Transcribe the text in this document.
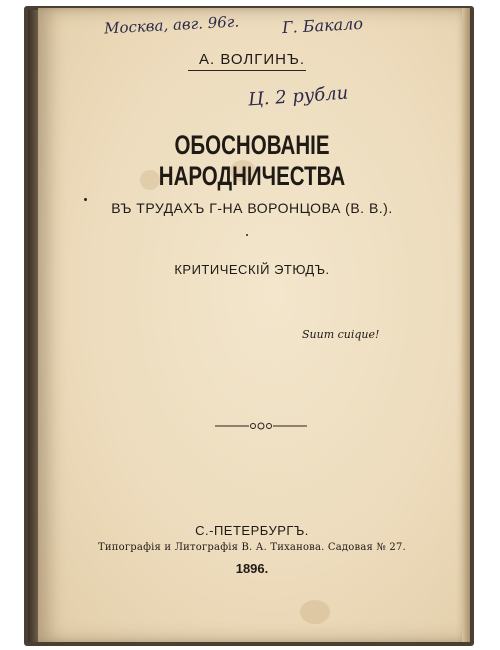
Москва, авг. 96г.	Г. Бакало
Ц. 2 рубли
А. ВОЛГИНЪ.
ОБОСНОВАНІЕ НАРОДНИЧЕСТВА
ВЪ ТРУДАХЪ Г-НА ВОРОНЦОВА (В. В.).
КРИТИЧЕСКІЙ ЭТЮДЪ.
Suum cuique!
С.-ПЕТЕРБУРГЪ.
Типографія и Литографія В. А. Тиханова. Садовая № 27.
1896.
